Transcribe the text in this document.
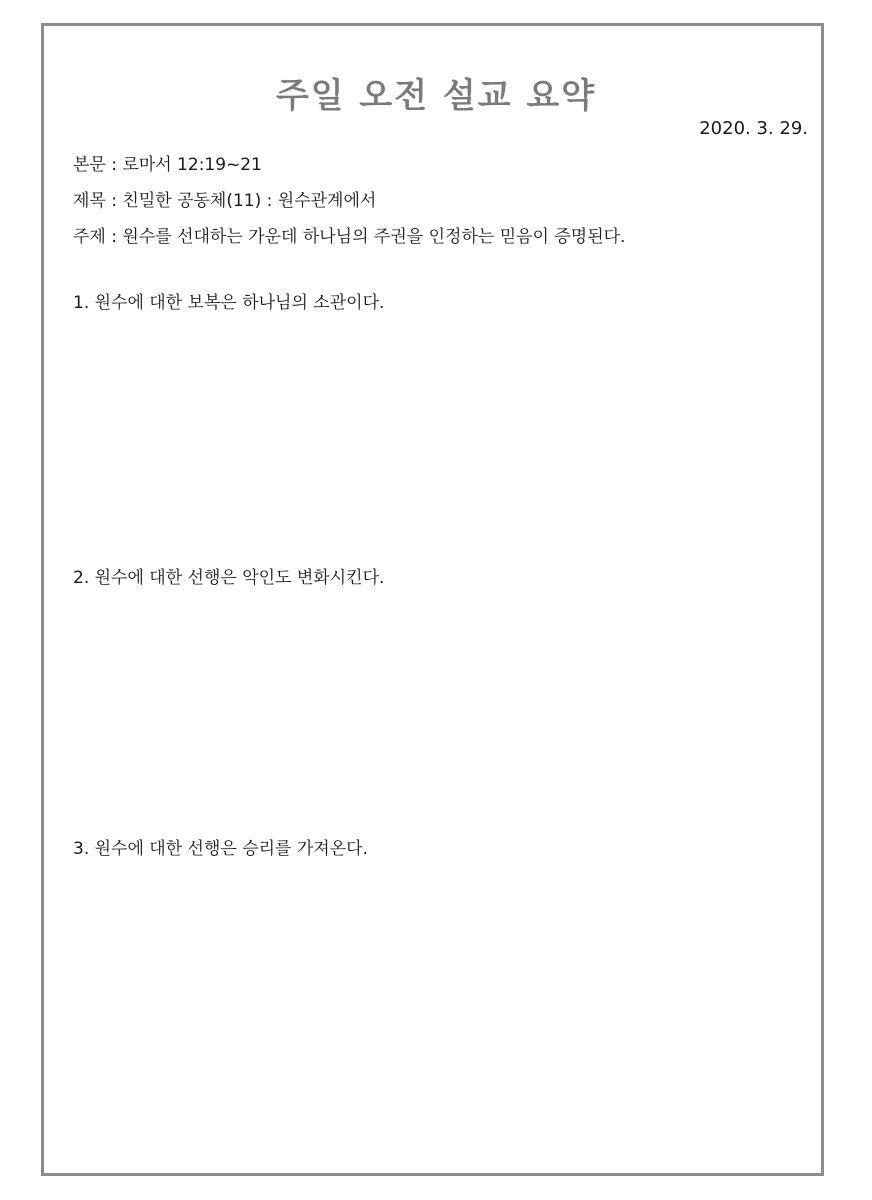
주일 오전 설교 요약
2020. 3. 29.
본문 : 로마서 12:19~21
제목 : 친밀한 공동체(11) : 원수관계에서
주제 : 원수를 선대하는 가운데 하나님의 주권을 인정하는 믿음이 증명된다.
1. 원수에 대한 보복은 하나님의 소관이다.
2. 원수에 대한 선행은 악인도 변화시킨다.
3. 원수에 대한 선행은 승리를 가져온다.
